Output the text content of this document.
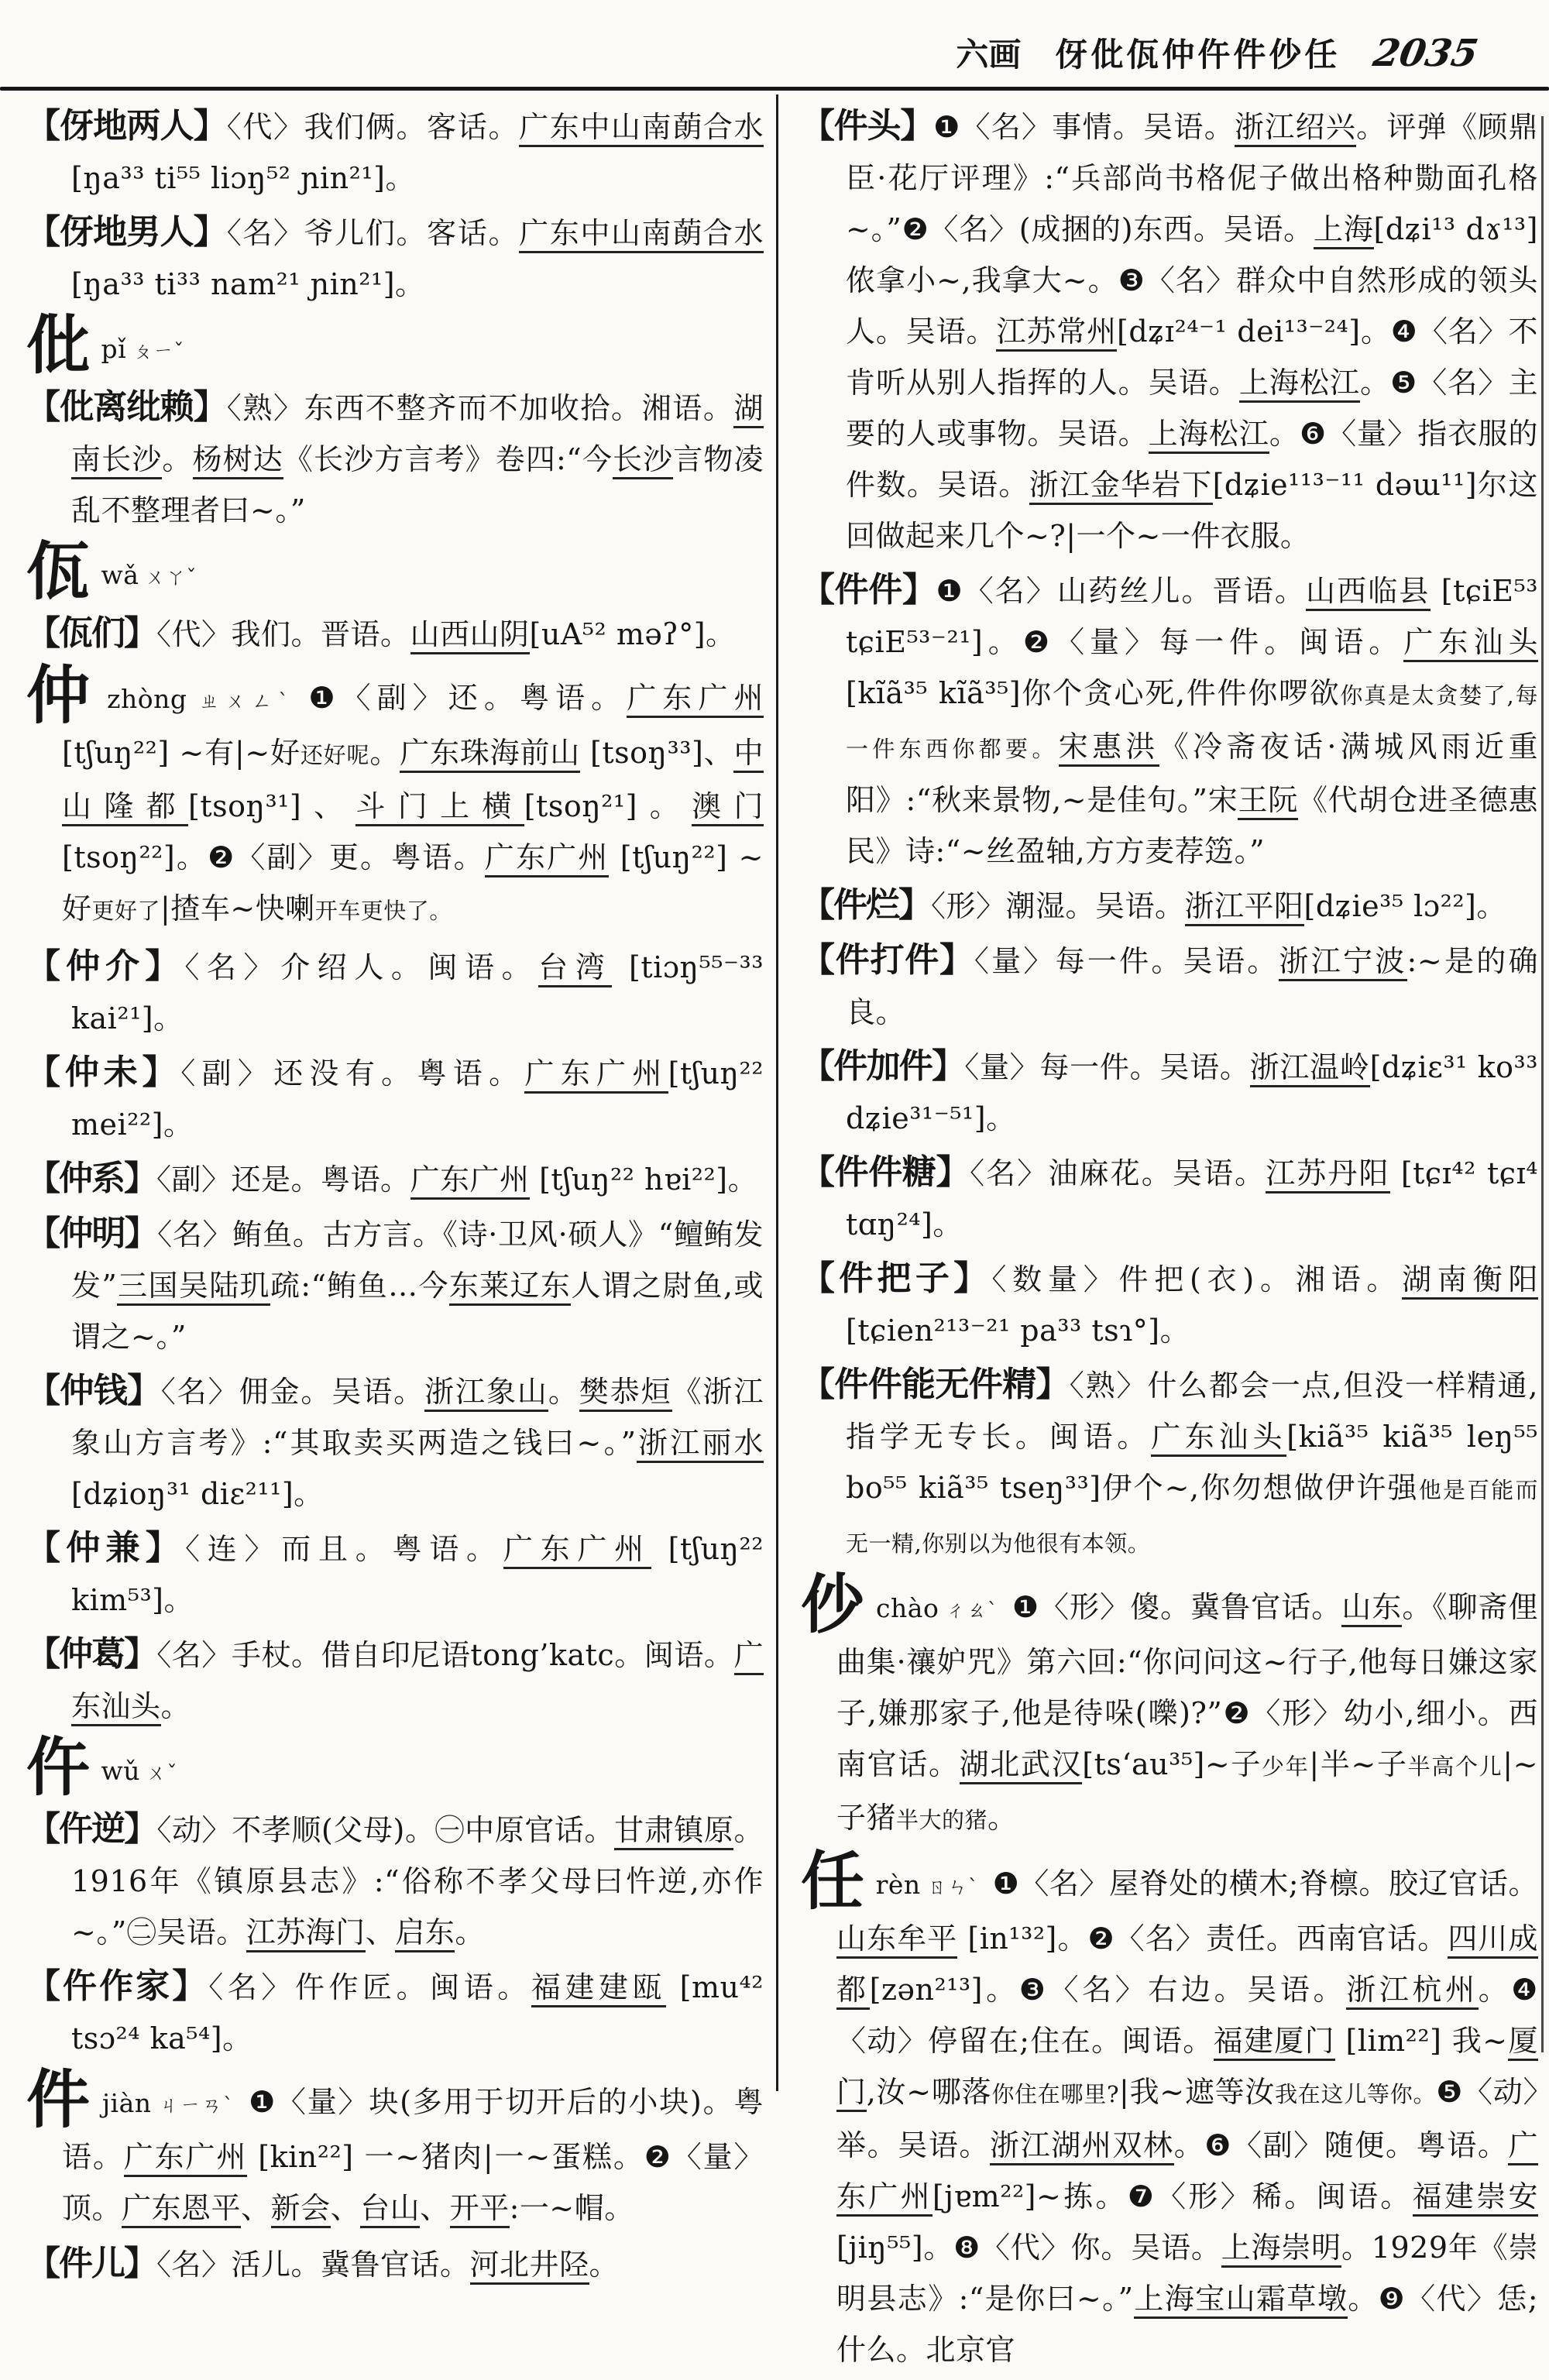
六画 伢仳佤仲仵件仯任 2035
【伢地两人】〈代〉我们俩。客话。广东中山南蓢合水 [ŋa³³ ti⁵⁵ liɔŋ⁵² ɲin²¹]。
【伢地男人】〈名〉爷儿们。客话。广东中山南蓢合水 [ŋa³³ ti³³ nam²¹ ɲin²¹]。
仳pǐ ㄆㄧˇ
【仳离纰赖】〈熟〉东西不整齐而不加收拾。湘语。湖南长沙。杨树达《长沙方言考》卷四:“今长沙言物凌乱不整理者曰~。”
佤wǎ ㄨㄚˇ
【佤们】〈代〉我们。晋语。山西山阴[uA⁵² məʔ°]。
仲zhòng ㄓㄨㄥˋ ❶〈副〉还。粤语。广东广州 [tʃuŋ²²] ~有|~好还好呢。广东珠海前山 [tsoŋ³³]、中山隆都[tsoŋ³¹]、斗门上横[tsoŋ²¹]。澳门 [tsoŋ²²]。❷〈副〉更。粤语。广东广州 [tʃuŋ²²] ~好更好了|揸车~快喇开车更快了。
【仲介】〈名〉介绍人。闽语。台湾 [tiɔŋ⁵⁵⁻³³ kai²¹]。
【仲未】〈副〉还没有。粤语。广东广州[tʃuŋ²² mei²²]。
【仲系】〈副〉还是。粤语。广东广州 [tʃuŋ²² hɐi²²]。
【仲明】〈名〉鲔鱼。古方言。《诗·卫风·硕人》“鳣鲔发发”三国吴陆玑疏:“鲔鱼…今东莱辽东人谓之尉鱼,或谓之~。”
【仲钱】〈名〉佣金。吴语。浙江象山。樊恭烜《浙江象山方言考》:“其取卖买两造之钱曰~。”浙江丽水 [dʑioŋ³¹ diɛ²¹¹]。
【仲兼】〈连〉而且。粤语。广东广州 [tʃuŋ²² kim⁵³]。
【仲葛】〈名〉手杖。借自印尼语tong’katc。闽语。广东汕头。
仵wǔ ㄨˇ
【仵逆】〈动〉不孝顺(父母)。㊀中原官话。甘肃镇原。1916年《镇原县志》:“俗称不孝父母曰忤逆,亦作~。”㊁吴语。江苏海门、启东。
【仵作家】〈名〉仵作匠。闽语。福建建瓯 [mu⁴² tsɔ²⁴ ka⁵⁴]。
件jiàn ㄐㄧㄢˋ ❶〈量〉块(多用于切开后的小块)。粤语。广东广州 [kin²²] 一~猪肉|一~蛋糕。❷〈量〉顶。广东恩平、新会、台山、开平:一~帽。
【件儿】〈名〉活儿。冀鲁官话。河北井陉。
【件头】❶〈名〉事情。吴语。浙江绍兴。评弹《顾鼎臣·花厅评理》:“兵部尚书格伲子做出格种勚面孔格~。”❷〈名〉(成捆的)东西。吴语。上海[dʑi¹³ dɤ¹³]侬拿小~,我拿大~。❸〈名〉群众中自然形成的领头人。吴语。江苏常州[dʑɪ²⁴⁻¹ dei¹³⁻²⁴]。❹〈名〉不肯听从别人指挥的人。吴语。上海松江。❺〈名〉主要的人或事物。吴语。上海松江。❻〈量〉指衣服的件数。吴语。浙江金华岩下[dʑie¹¹³⁻¹¹ dəɯ¹¹]尔这回做起来几个~?|一个~一件衣服。
【件件】❶〈名〉山药丝儿。晋语。山西临县 [tɕiE⁵³ tɕiE⁵³⁻²¹]。❷〈量〉每一件。闽语。广东汕头 [kĩã³⁵ kĩã³⁵]你个贪心死,件件你啰欲你真是太贪婪了,每一件东西你都要。宋惠洪《冷斋夜话·满城风雨近重阳》:“秋来景物,~是佳句。”宋王阮《代胡仓进圣德惠民》诗:“~丝盈轴,方方麦荐笾。”
【件烂】〈形〉潮湿。吴语。浙江平阳[dʑie³⁵ lɔ²²]。
【件打件】〈量〉每一件。吴语。浙江宁波:~是的确良。
【件加件】〈量〉每一件。吴语。浙江温岭[dʑiɛ³¹ ko³³ dʑie³¹⁻⁵¹]。
【件件糖】〈名〉油麻花。吴语。江苏丹阳 [tɕɪ⁴² tɕɪ⁴ tɑŋ²⁴]。
【件把子】〈数量〉件把(衣)。湘语。湖南衡阳 [tɕien²¹³⁻²¹ pa³³ tsɿ°]。
【件件能无件精】〈熟〉什么都会一点,但没一样精通,指学无专长。闽语。广东汕头[kiã³⁵ kiã³⁵ leŋ⁵⁵ bo⁵⁵ kiã³⁵ tseŋ³³]伊个~,你勿想做伊许强他是百能而无一精,你别以为他很有本领。
仯chào ㄔㄠˋ ❶〈形〉傻。冀鲁官话。山东。《聊斋俚曲集·禳妒咒》第六回:“你问问这~行子,他每日嫌这家子,嫌那家子,他是待哚(嚛)?”❷〈形〉幼小,细小。西南官话。湖北武汉[ts‘au³⁵]~子少年|半~子半高个儿|~子猪半大的猪。
任rèn ㄖㄣˋ ❶〈名〉屋脊处的横木;脊檩。胶辽官话。山东牟平 [in¹³²]。❷〈名〉责任。西南官话。四川成都[zən²¹³]。❸〈名〉右边。吴语。浙江杭州。❹〈动〉停留在;住在。闽语。福建厦门 [lim²²] 我~厦门,汝~哪落你住在哪里?|我~遮等汝我在这儿等你。❺〈动〉举。吴语。浙江湖州双林。❻〈副〉随便。粤语。广东广州[jɐm²²]~拣。❼〈形〉稀。闽语。福建崇安 [jiŋ⁵⁵]。❽〈代〉你。吴语。上海崇明。1929年《崇明县志》:“是你曰~。”上海宝山霜草墩。❾〈代〉恁;什么。北京官
